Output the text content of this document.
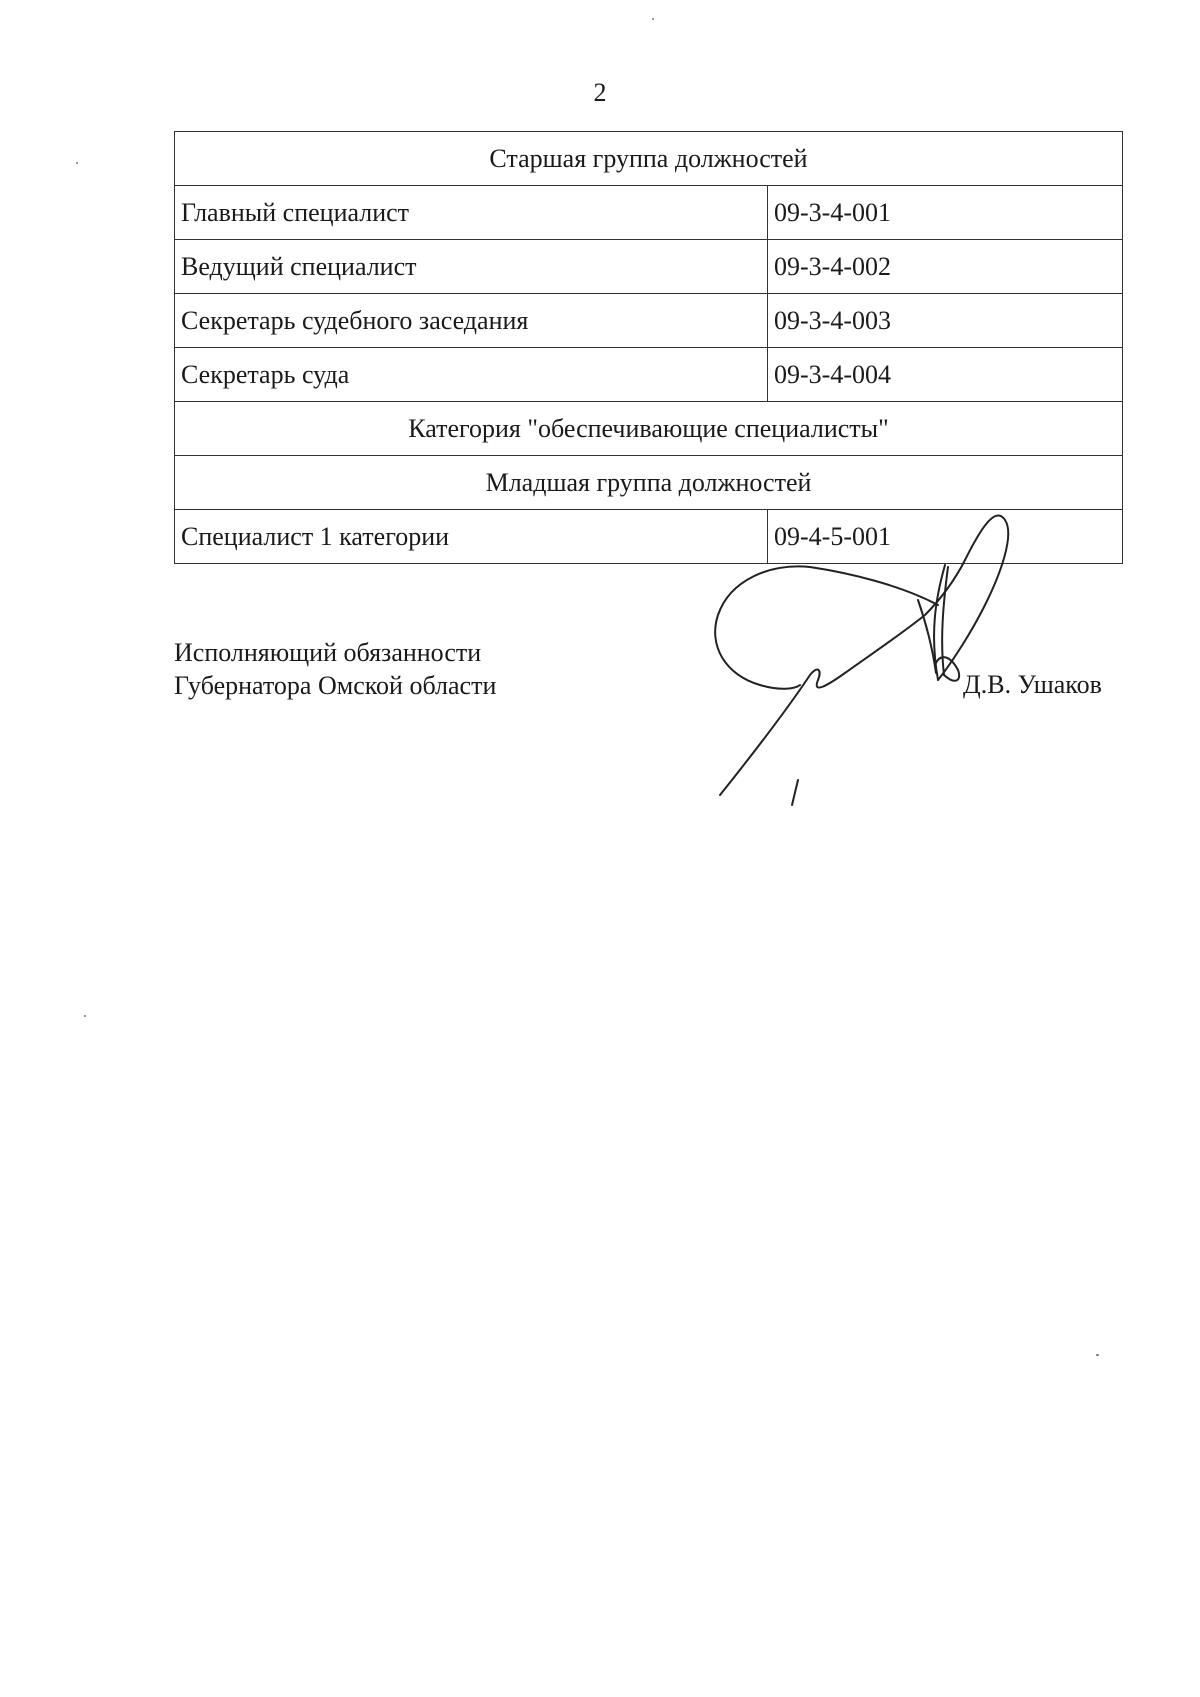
2
Старшая группа должностей	
Главный специалист	09-3-4-001
Ведущий специалист	09-3-4-002
Секретарь судебного заседания	09-3-4-003
Секретарь суда	09-3-4-004
Категория "обеспечивающие специалисты"	
Младшая группа должностей	
Специалист 1 категории	09-4-5-001
Исполняющий обязанности
Губернатора Омской области	Д.В. Ушаков
